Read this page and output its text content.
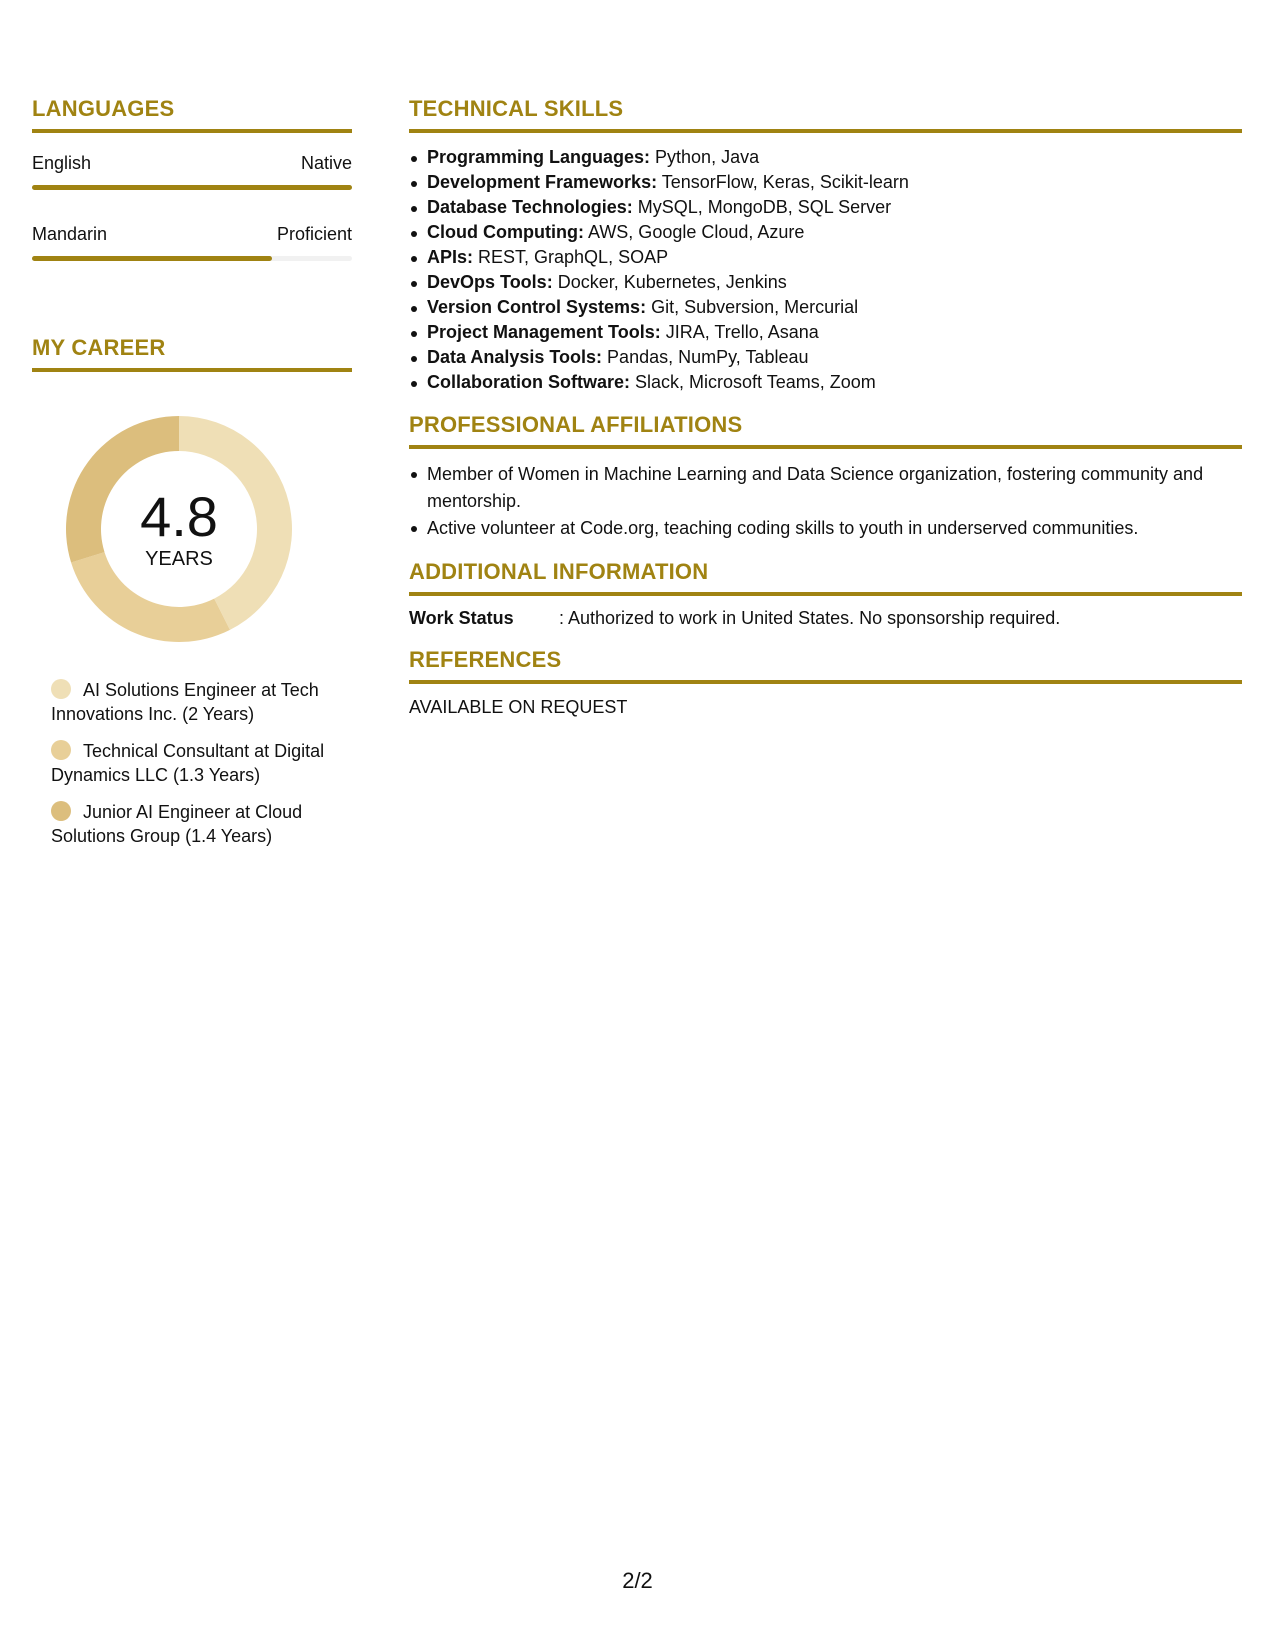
LANGUAGES
English	Native
Mandarin	Proficient
MY CAREER
4.8
YEARS
AI Solutions Engineer at Tech Innovations Inc. (2 Years)
Technical Consultant at Digital Dynamics LLC (1.3 Years)
Junior AI Engineer at Cloud Solutions Group (1.4 Years)
TECHNICAL SKILLS
Programming Languages: Python, Java
Development Frameworks: TensorFlow, Keras, Scikit-learn
Database Technologies: MySQL, MongoDB, SQL Server
Cloud Computing: AWS, Google Cloud, Azure
APIs: REST, GraphQL, SOAP
DevOps Tools: Docker, Kubernetes, Jenkins
Version Control Systems: Git, Subversion, Mercurial
Project Management Tools: JIRA, Trello, Asana
Data Analysis Tools: Pandas, NumPy, Tableau
Collaboration Software: Slack, Microsoft Teams, Zoom
PROFESSIONAL AFFILIATIONS
Member of Women in Machine Learning and Data Science organization, fostering community and mentorship.
Active volunteer at Code.org, teaching coding skills to youth in underserved communities.
ADDITIONAL INFORMATION
Work Status	: Authorized to work in United States. No sponsorship required.
REFERENCES
AVAILABLE ON REQUEST
2/2
